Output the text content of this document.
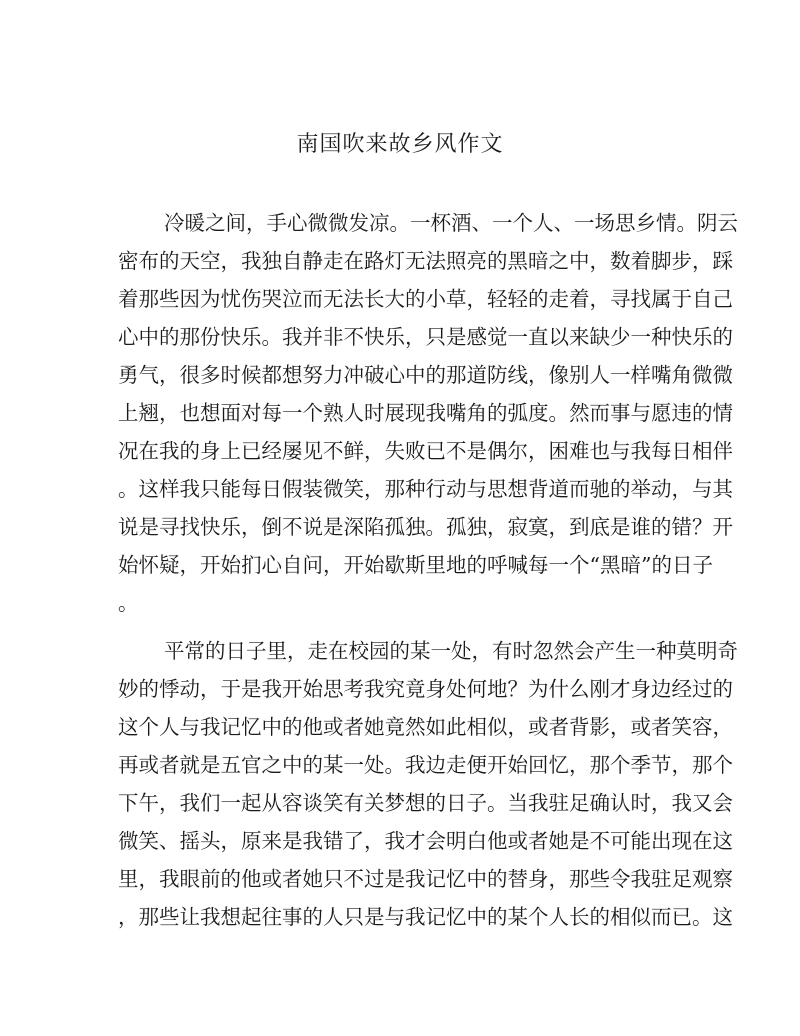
南国吹来故乡风作文
冷暖之间，手心微微发凉。一杯酒、一个人、一场思乡情。阴云
密布的天空，我独自静走在路灯无法照亮的黑暗之中，数着脚步，踩
着那些因为忧伤哭泣而无法长大的小草，轻轻的走着，寻找属于自己
心中的那份快乐。我并非不快乐，只是感觉一直以来缺少一种快乐的
勇气，很多时候都想努力冲破心中的那道防线，像别人一样嘴角微微
上翘，也想面对每一个熟人时展现我嘴角的弧度。然而事与愿违的情
况在我的身上已经屡见不鲜，失败已不是偶尔，困难也与我每日相伴
。这样我只能每日假装微笑，那种行动与思想背道而驰的举动，与其
说是寻找快乐，倒不说是深陷孤独。孤独，寂寞，到底是谁的错？开
始怀疑，开始扪心自问，开始歇斯里地的呼喊每一个“黑暗”的日子
。
平常的日子里，走在校园的某一处，有时忽然会产生一种莫明奇
妙的悸动，于是我开始思考我究竟身处何地？为什么刚才身边经过的
这个人与我记忆中的他或者她竟然如此相似，或者背影，或者笑容，
再或者就是五官之中的某一处。我边走便开始回忆，那个季节，那个
下午，我们一起从容谈笑有关梦想的日子。当我驻足确认时，我又会
微笑、摇头，原来是我错了，我才会明白他或者她是不可能出现在这
里，我眼前的他或者她只不过是我记忆中的替身，那些令我驻足观察
，那些让我想起往事的人只是与我记忆中的某个人长的相似而已。这
